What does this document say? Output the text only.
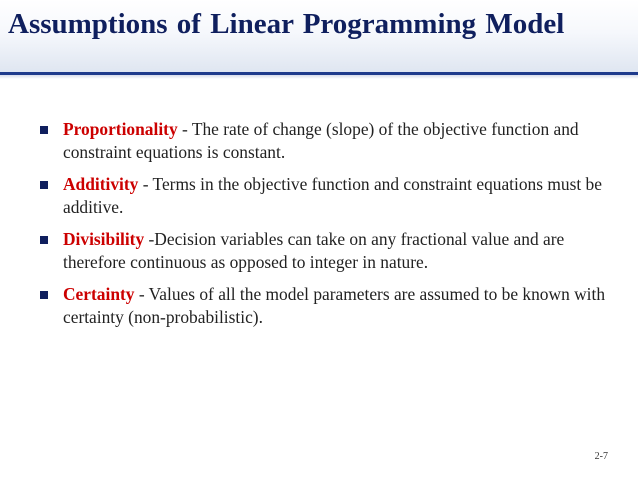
Assumptions of Linear Programming Model
Proportionality - The rate of change (slope) of the objective function and constraint equations is constant.
Additivity - Terms in the objective function and constraint equations must be additive.
Divisibility -Decision variables can take on any fractional value and are therefore continuous as opposed to integer in nature.
Certainty - Values of all the model parameters are assumed to be known with certainty (non-probabilistic).
2-7
